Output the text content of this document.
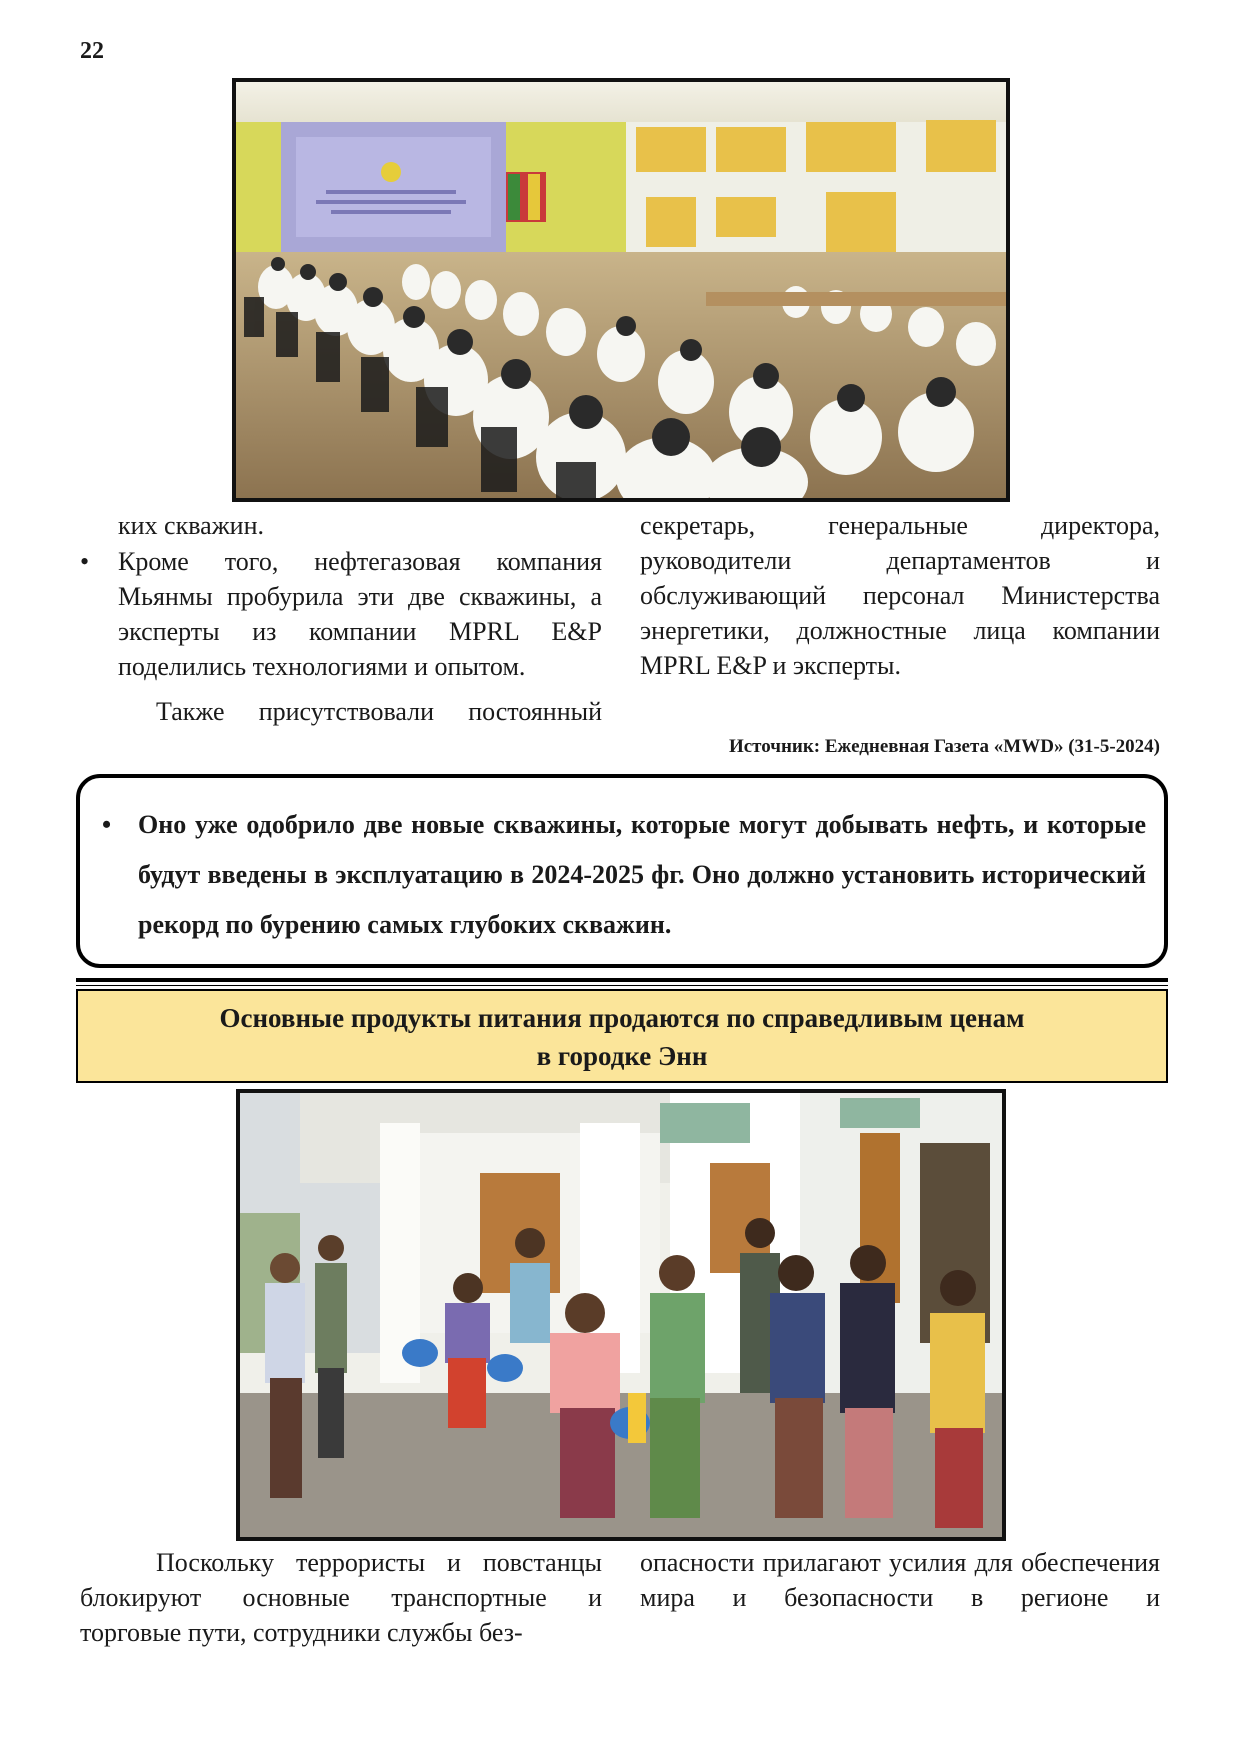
22

ких скважин.

• Кроме того, нефтегазовая компания Мьянмы пробурила эти две скважины, а эксперты из компании MPRL E&P поделились технологиями и опытом.

Также присутствовали постоянный

секретарь, генеральные директора, руководители департаментов и обслуживающий персонал Министерства энергетики, должностные лица компании MPRL E&P и эксперты.

Источник: Ежедневная Газета «MWD» (31-5-2024)
• Оно уже одобрило две новые скважины, которые могут добывать нефть, и которые будут введены в эксплуатацию в 2024-2025 фг. Оно должно установить исторический рекорд по бурению самых глубоких скважин.
Основные продукты питания продаются по справедливым ценам
в городке Энн

Поскольку террористы и повстанцы блокируют основные транспортные и торговые пути, сотрудники службы без-

опасности прилагают усилия для обеспечения мира и безопасности в регионе и
